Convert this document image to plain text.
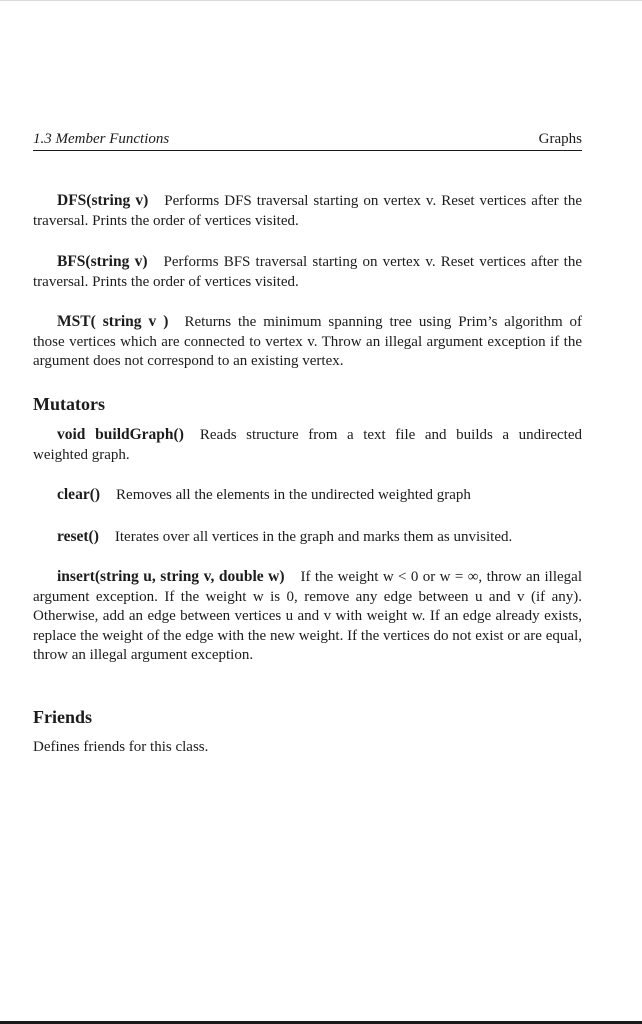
1.3 Member Functions	Graphs

DFS(string v) Performs DFS traversal starting on vertex v. Reset vertices after the traversal. Prints the order of vertices visited.

BFS(string v) Performs BFS traversal starting on vertex v. Reset vertices after the traversal. Prints the order of vertices visited.

MST( string v ) Returns the minimum spanning tree using Prim’s algorithm of those vertices which are connected to vertex v. Throw an illegal argument exception if the argument does not correspond to an existing vertex.

Mutators

void buildGraph() Reads structure from a text file and builds a undirected weighted graph.

clear() Removes all the elements in the undirected weighted graph

reset() Iterates over all vertices in the graph and marks them as unvisited.

insert(string u, string v, double w) If the weight w < 0 or w = ∞, throw an illegal argument exception. If the weight w is 0, remove any edge between u and v (if any). Otherwise, add an edge between vertices u and v with weight w. If an edge already exists, replace the weight of the edge with the new weight. If the vertices do not exist or are equal, throw an illegal argument exception.

Friends

Defines friends for this class.
